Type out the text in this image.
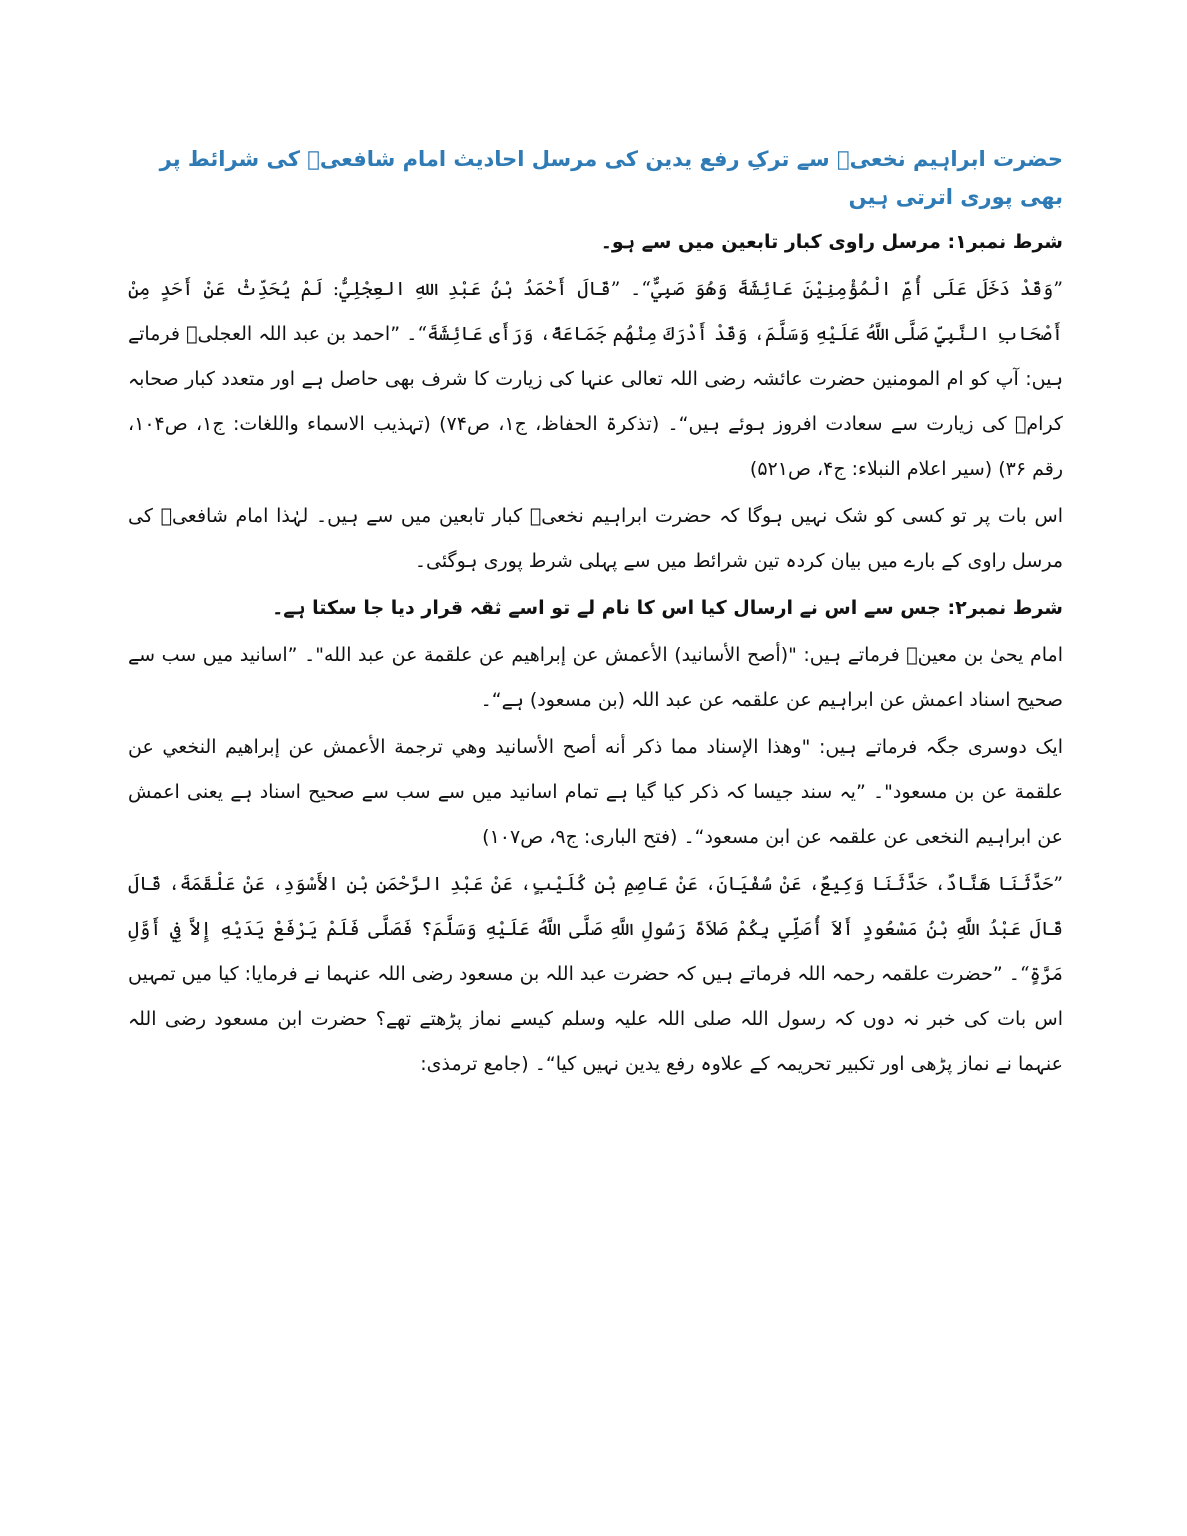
حضرت ابراہیم نخعیؒ سے ترکِ رفع یدین کی مرسل احادیث امام شافعیؒ کی شرائط پر بھی پوری اترتی ہیں
شرط نمبر۱: مرسل راوی کبار تابعین میں سے ہو۔
”وَقَدْ دَخَلَ عَلَى أُمِّ الْمُؤْمِنِيْنَ عَائِشَةَ وَهُوَ صَبِيٌّ“۔ ”قَالَ أَحْمَدُ بْنُ عَبْدِ اللهِ العِجْلِيُّ: لَمْ يُحَدِّثْ عَنْ أَحَدٍ مِنْ أَصْحَابِ النَّبِيِّ صَلَّى اللَّهُ عَلَيْهِ وَسَلَّمَ، وَقَدْ أَدْرَكَ مِنْهُم جَمَاعَةً، وَرَأَى عَائِشَةَ“۔ ”احمد بن عبد اللہ العجلیؒ فرماتے ہیں: آپ کو ام المومنین حضرت عائشہ رضی اللہ تعالی عنہا کی زیارت کا شرف بھی حاصل ہے اور متعدد کبار صحابہ کرامؓ کی زیارت سے سعادت افروز ہوئے ہیں“۔ (تذکرۃ الحفاظ، ج۱، ص۷۴) (تہذیب الاسماء واللغات: ج۱، ص۱۰۴، رقم ۳۶) (سیر اعلام النبلاء: ج۴، ص۵۲۱)
اس بات پر تو کسی کو شک نہیں ہوگا کہ حضرت ابراہیم نخعیؒ کبار تابعین میں سے ہیں۔ لہٰذا امام شافعیؒ کی مرسل راوی کے بارے میں بیان کردہ تین شرائط میں سے پہلی شرط پوری ہوگئی۔
شرط نمبر۲: جس سے اس نے ارسال کیا اس کا نام لے تو اسے ثقہ قرار دیا جا سکتا ہے۔
امام یحیٰ بن معینؒ فرماتے ہیں: "(أصح الأسانيد) الأعمش عن إبراهيم عن علقمة عن عبد الله"۔ ”اسانید میں سب سے صحیح اسناد اعمش عن ابراہیم عن علقمہ عن عبد اللہ (بن مسعود) ہے“۔
ایک دوسری جگہ فرماتے ہیں: "وهذا الإسناد مما ذكر أنه أصح الأسانيد وهي ترجمة الأعمش عن إبراهيم النخعي عن علقمة عن بن مسعود"۔ ”یہ سند جیسا کہ ذکر کیا گیا ہے تمام اسانید میں سے سب سے صحیح اسناد ہے یعنی اعمش عن ابراہیم النخعی عن علقمہ عن ابن مسعود“۔ (فتح الباری: ج۹، ص۱۰۷)
”حَدَّثَنَا هَنَّادٌ، حَدَّثَنَا وَكِيعٌ، عَنْ سُفْيَانَ، عَنْ عَاصِمِ بْنِ كُلَيْبٍ، عَنْ عَبْدِ الرَّحْمَنِ بْنِ الأَسْوَدِ، عَنْ عَلْقَمَةَ، قَالَ قَالَ عَبْدُ اللَّهِ بْنُ مَسْعُودٍ أَلاَ أُصَلِّي بِكُمْ صَلاَةَ رَسُولِ اللَّهِ صَلَّى اللَّهُ عَلَيْهِ وَسَلَّمَ؟ فَصَلَّى فَلَمْ يَرْفَعْ يَدَيْهِ إِلاَّ فِي أَوَّلِ مَرَّةٍ“۔ ”حضرت علقمہ رحمہ اللہ فرماتے ہیں کہ حضرت عبد اللہ بن مسعود رضی اللہ عنہما نے فرمایا: کیا میں تمہیں اس بات کی خبر نہ دوں کہ رسول اللہ صلی اللہ علیہ وسلم کیسے نماز پڑھتے تھے؟ حضرت ابن مسعود رضی اللہ عنہما نے نماز پڑھی اور تکبیر تحریمہ کے علاوہ رفع یدین نہیں کیا“۔ (جامع ترمذی:
